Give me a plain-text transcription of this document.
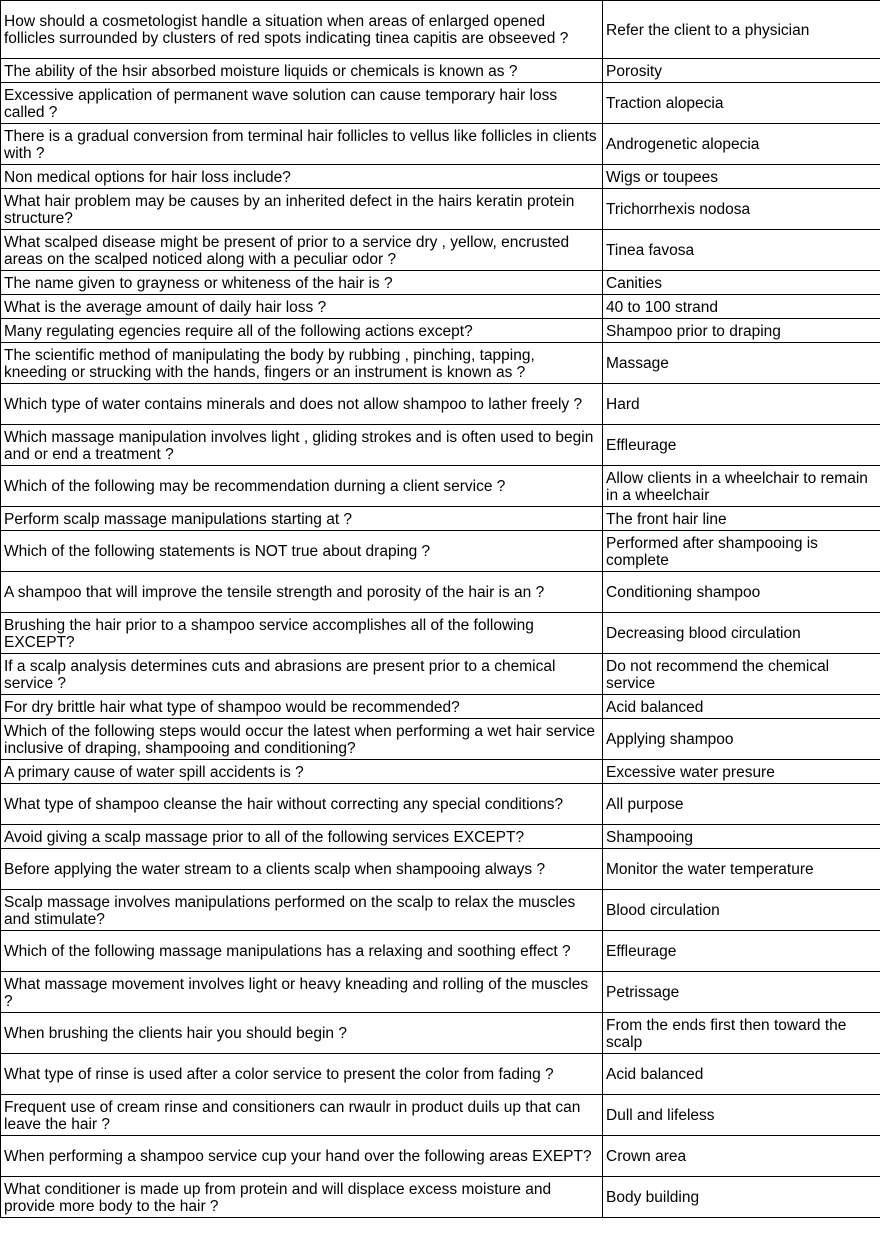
How should a cosmetologist handle a situation when areas of enlarged opened follicles surrounded by clusters of red spots indicating tinea capitis are obseeved ?	Refer the client to a physician
The ability of the hsir absorbed moisture liquids or chemicals is known as ?	Porosity
Excessive application of permanent wave solution can cause temporary hair loss called ?	Traction alopecia
There is a gradual conversion from terminal hair follicles to vellus like follicles in clients with ?	Androgenetic alopecia
Non medical options for hair loss include?	Wigs or toupees
What hair problem may be causes by an inherited defect in the hairs keratin protein structure?	Trichorrhexis nodosa
What scalped disease might be present of prior to a service dry , yellow, encrusted areas on the scalped noticed along with a peculiar odor ?	Tinea favosa
The name given to grayness or whiteness of the hair is ?	Canities
What is the average amount of daily hair loss ?	40 to 100 strand
Many regulating egencies require all of the following actions except?	Shampoo prior to draping
The scientific method of manipulating the body by rubbing , pinching, tapping, kneeding or strucking with the hands, fingers or an instrument is known as ?	Massage
Which type of water contains minerals and does not allow shampoo to lather freely ?	Hard
Which massage manipulation involves light , gliding strokes and is often used to begin and or end a treatment ?	Effleurage
Which of the following may be recommendation durning a client service ?	Allow clients in a wheelchair to remain in a wheelchair
Perform scalp massage manipulations starting at ?	The front hair line
Which of the following statements is NOT true about draping ?	Performed after shampooing is complete
A shampoo that will improve the tensile strength and porosity of the hair is an ?	Conditioning shampoo
Brushing the hair prior to a shampoo service accomplishes all of the following EXCEPT?	Decreasing blood circulation
If a scalp analysis determines cuts and abrasions are present prior to a chemical service ?	Do not recommend the chemical service
For dry brittle hair what type of shampoo would be recommended?	Acid balanced
Which of the following steps would occur the latest when performing a wet hair service inclusive of draping, shampooing and conditioning?	Applying shampoo
A primary cause of water spill accidents is ?	Excessive water presure
What type of shampoo cleanse the hair without correcting any special conditions?	All purpose
Avoid giving a scalp massage prior to all of the following services EXCEPT?	Shampooing
Before applying the water stream to a clients scalp when shampooing always ?	Monitor the water temperature
Scalp massage involves manipulations performed on the scalp to relax the muscles and stimulate?	Blood circulation
Which of the following massage manipulations has a relaxing and soothing effect ?	Effleurage
What massage movement involves light or heavy kneading and rolling of the muscles ?	Petrissage
When brushing the clients hair you should begin ?	From the ends first then toward the scalp
What type of rinse is used after a color service to present the color from fading ?	Acid balanced
Frequent use of cream rinse and consitioners can rwaulr in product duils up that can leave the hair ?	Dull and lifeless
When performing a shampoo service cup your hand over the following areas EXEPT?	Crown area
What conditioner is made up from protein and will displace excess moisture and provide more body to the hair ?	Body building
